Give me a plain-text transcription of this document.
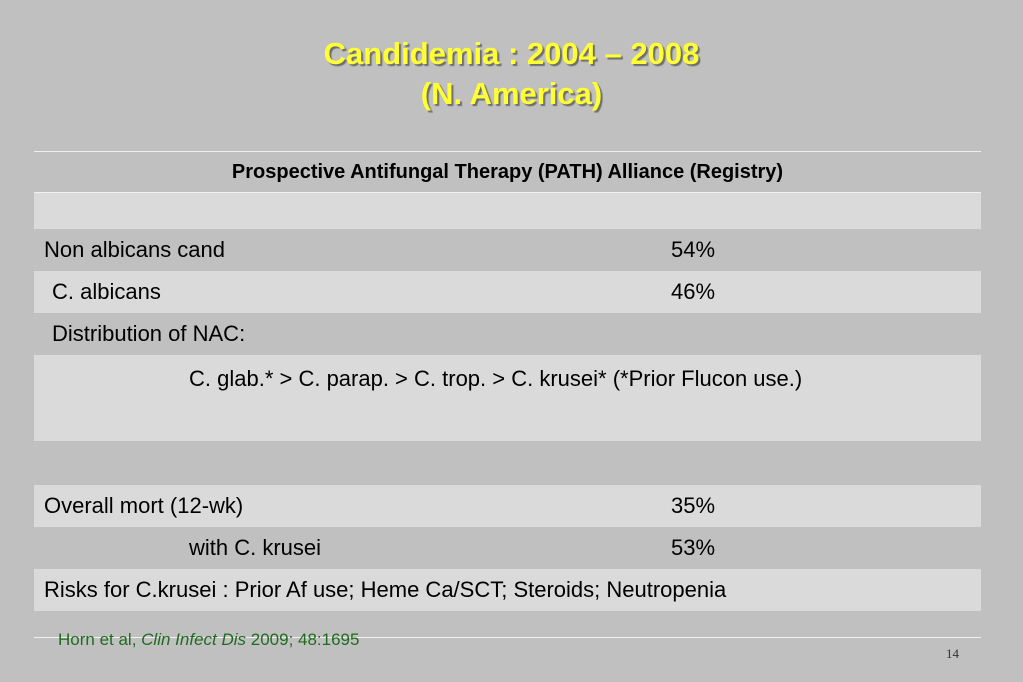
Candidemia : 2004 – 2008
(N. America)
Prospective Antifungal Therapy (PATH) Alliance (Registry)	

Non albicans cand	54%
C. albicans	46%
Distribution of NAC:	

C. glab.* > C. parap. > C. trop. > C. krusei* (*Prior Flucon use.)	

Overall mort (12-wk)	35%
with C. krusei	53%
Risks for C.krusei : Prior Af use; Heme Ca/SCT; Steroids; Neutropenia	
Horn et al, Clin Infect Dis 2009; 48:1695
14
